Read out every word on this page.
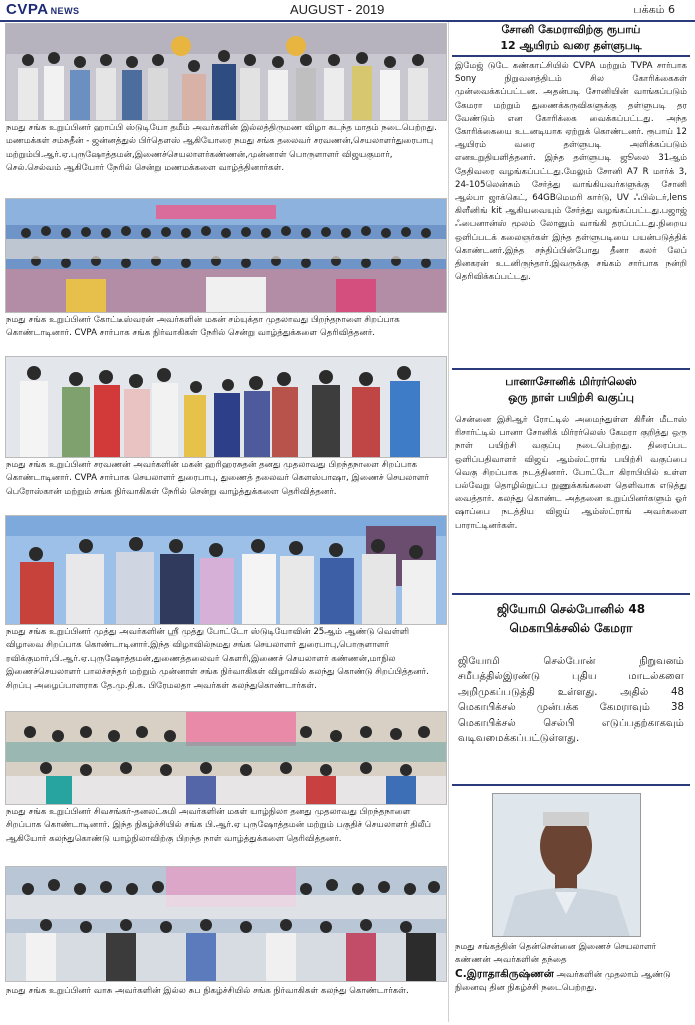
CVPA NEWS	AUGUST - 2019	பக்கம் 6
நமது சங்க உறுப்பினர் ஹாப்பி ஸ்டுடியோ தமீம் அவர்களின் இல்லத்திருமண விழா கடந்த மாதம் நடைபெற்றது. மணமக்கள் சம்சுதீன் - ஜன்னத்துல் பிர்தௌஸ் ஆகியோரை நமது சங்க தலைவர் சரவணன்,செயலாளர்துரைபாபு மற்றும்பி.ஆர்.ஏ.புருஷோத்தமன்,இணைச்செயலாளர்கண்ணன்,முன்னாள் பொருளாளர் விஜயகுமார், செல்.செல்வம் ஆகியோர் நேரில் சென்று மணமக்களை வாழ்த்தினார்கள்.
நமது சங்க உறுப்பினர் கோட்டீஸ்வரன் அவர்களின் மகன் சம்யுக்தா முதலாவது பிறந்தநாளை சிறப்பாக கொண்டாடினார். CVPA சார்பாக சங்க நிர்வாகிகள் நேரில் சென்று வாழ்த்துக்களை தெரிவித்தனர்.
நமது சங்க உறுப்பினர் சரவணன் அவர்களின் மகன் ஹரிஹரசுதன் தனது முதலாவது பிறந்தநாளை சிறப்பாக கொண்டாடினார். CVPA சார்பாக செயலாளர் துரைபாபு, துணைத் தலைவர் கௌஸ்பாஷா, இணைச் செயலாளர் பெரோஸ்கான் மற்றும் சங்க நிர்வாகிகள் நேரில் சென்று வாழ்த்துக்களை தெரிவித்தனர்.
நமது சங்க உறுப்பினர் முத்து அவர்களின் ஸ்ரீ முத்து போட்டோ ஸ்டுடியோவின் 25ஆம் ஆண்டு வெள்ளி விழாவை சிறப்பாக கொண்டாடினார்.இந்த விழாவில்நமது சங்க செயலாளர் துரைபாபு,பொருளாளர் ரவிக்குமார்,பி.ஆர்.ஏ.புருஷோத்தமன்,துணைத்தலைவர் கௌரி,இணைச் செயலாளர் கண்ணன்,மாநில இணைச்செயலாளர் பாலச்சந்தர் மற்றும் முன்னாள் சங்க நிர்வாகிகள் விழாவில் கலந்து கொண்டு சிறப்பித்தனர். சிறப்பு அழைப்பாளராக தே.மு.தி.க. பிரேமலதா அவர்கள் கலந்துகொண்டார்கள்.
நமது சங்க உறுப்பினர் சிவசங்கர்-தனலட்சுமி அவர்களின் மகள் யாழ்நிலா தனது முதலாவது பிறந்தநாளை சிறப்பாக கொண்டாடினார். இந்த நிகழ்ச்சியில் சங்க பி.ஆர்.ஏ புருஷோத்தமன் மற்றும் பகுதிச் செயலாளர் திலீப் ஆகியோர் கலந்துகொண்டு யாழ்நிலாவிற்கு பிறந்த நாள் வாழ்த்துக்களை தெரிவித்தனர்.
நமது சங்க உறுப்பினர் வாசு அவர்களின் இல்ல சுப நிகழ்ச்சியில் சங்க நிர்வாகிகள் கலந்து கொண்டார்கள்.
சோனி கேமராவிற்கு ரூபாய்
12 ஆயிரம் வரை தள்ளுபடி
இமேஜ் டுடே கண்காட்சியில் CVPA மற்றும் TVPA சார்பாக Sony நிறுவனத்திடம் சில கோரிக்கைகள் முன்வைக்கப்பட்டன. அதன்படி சோனியின் வாங்கப்படும் கேமரா மற்றும் துணைக்கருவிகளுக்கு தள்ளுபடி தர வேண்டும் என கோரிக்கை வைக்கப்பட்டது. அந்த கோரிக்கையை உடனடியாக ஏற்றுக் கொண்டனர். ரூபாய் 12 ஆயிரம் வரை தள்ளுபடி அளிக்கப்படும் எனஉறுதியளித்தனர். இந்த தள்ளுபடி ஜூலை 31ஆம் தேதிவரை வழங்கப்பட்டது.மேலும் சோனி A7 R மார்க் 3, 24-105லென்சும் சேர்த்து வாங்கியவர்களுக்கு சோனி ஆல்பா ஜாக்கெட், 64GBமெமரி கார்டு, UV ஃபில்டர்,lens கிளீனிங் kit ஆகியவையும் சேர்த்து வழங்கப்பட்டது.பஜாஜ் ஃபைனான்ஸ் மூலம் லோனும் வாங்கி தரப்பட்டது.நிறைய ஒளிப்படக் கலைஞர்கள் இந்த தள்ளுபடியை பயன்படுத்திக் கொண்டனர்.இந்த சந்திப்பின்போது தீனா கலர் லேப் தினகரன் உடனிருந்தார்.இவருக்கு சங்கம் சார்பாக நன்றி தெரிவிக்கப்பட்டது.
பானாசோனிக் மிர்ரர்லெஸ்
ஒரு நாள் பயிற்சி வகுப்பு
சென்னை இசிஆர் ரோட்டில் அமைந்துள்ள கிரீன் மீடாஸ் ரிசார்ட்டில் பானா சோனிக் மிர்ரர்லெஸ் கேமரா குறித்து ஒரு நாள் பயிற்சி வகுப்பு நடைபெற்றது. திரைப்பட ஒளிப்பதிவாளர் விஜய் ஆம்ஸ்ட்ராங் பயிற்சி வகுப்பை வெகு சிறப்பாக நடத்தினார். போட்டோ கிராபியில் உள்ள பல்வேறு தொழில்நுட்ப நுணுக்கங்களை தெளிவாக எடுத்து வைத்தார். கலந்து கொண்ட அத்தனை உறுப்பினர்களும் ஓர் ஷாப்பை நடத்திய விஜய் ஆம்ஸ்ட்ராங் அவர்களை பாராட்டினர்கள்.
ஜியோமி செல்போனில் 48
மெகாபிக்சலில் கேமரா
ஜியோமி செல்போன் நிறுவனம் சமீபத்தில்இரண்டு புதிய மாடல்களை அறிமுகப்படுத்தி உள்ளது. அதில் 48 மெகாபிக்சல் முன்பக்க கேமராவும் 38 மெகாபிக்சல் செல்பி எடுப்பதற்காகவும் வடிவமைக்கப்பட்டுள்ளது.
நமது சங்கத்தின் தென்சென்னை இணைச் செயலாளர் கண்ணன் அவர்களின் தந்தை
C.இராதாகிருஷ்ணன் அவர்களின் முதலாம் ஆண்டு நினைவு தின நிகழ்ச்சி நடைபெற்றது.
